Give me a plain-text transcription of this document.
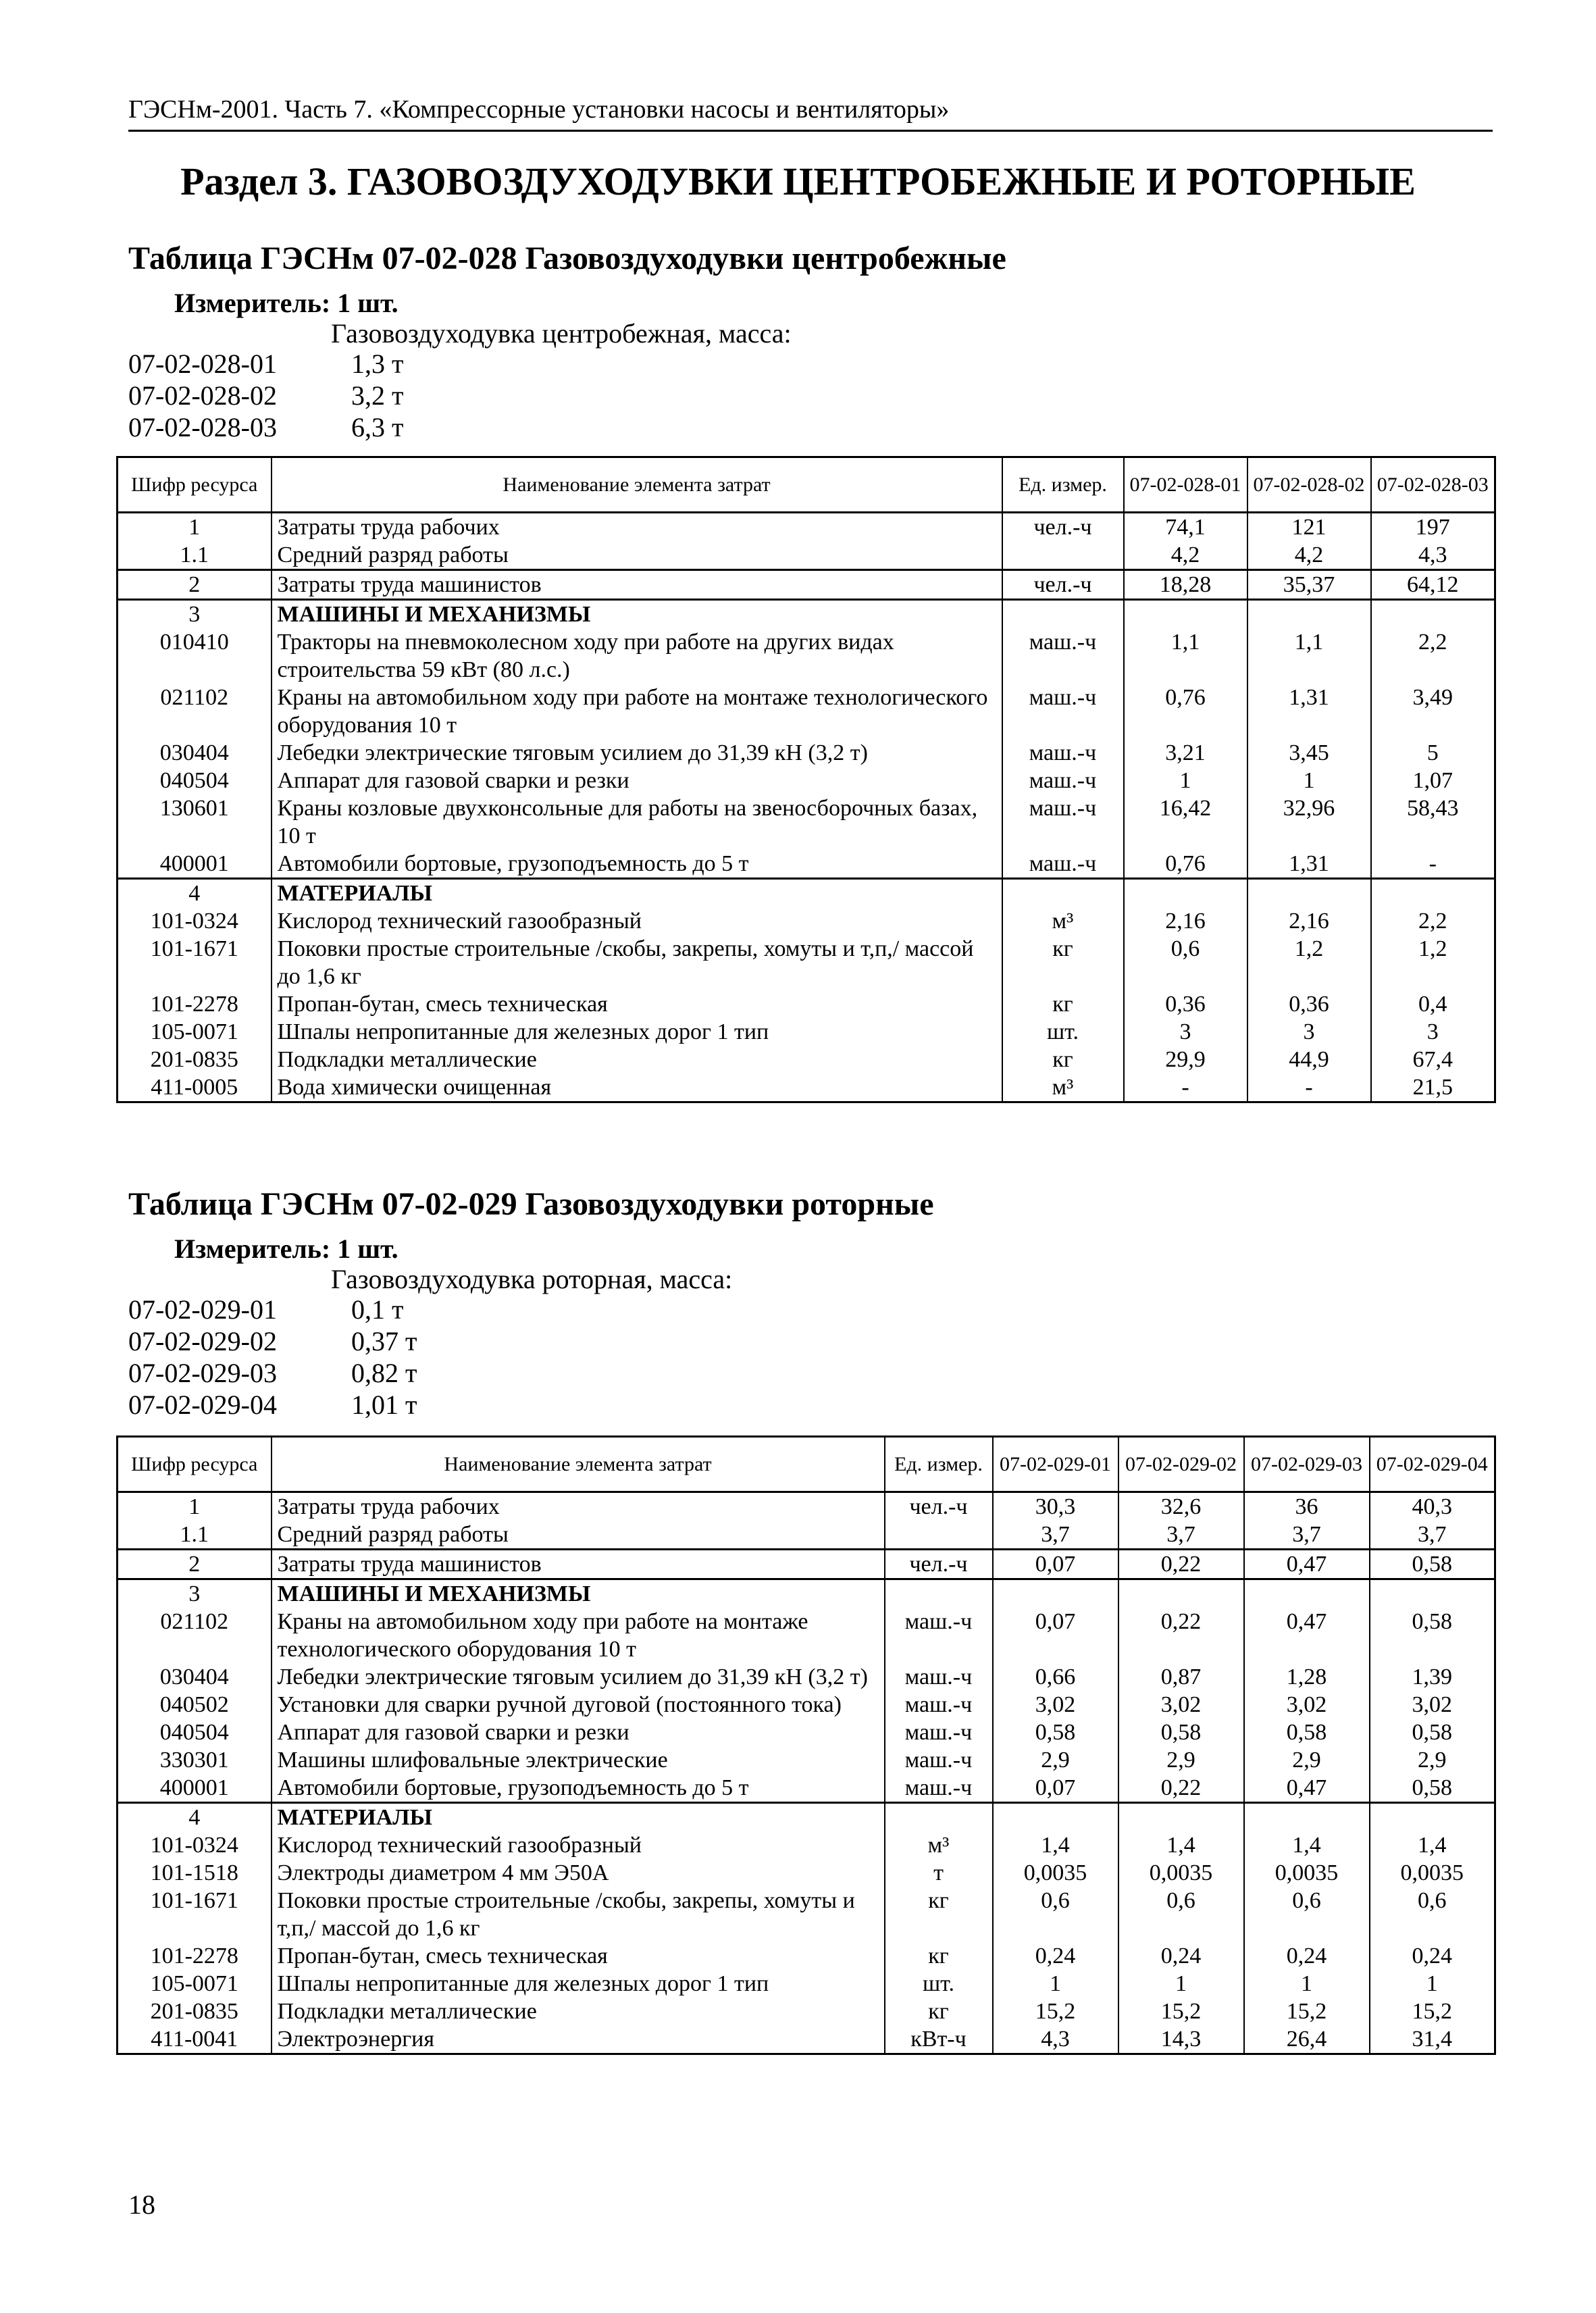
ГЭСНм-2001. Часть 7. «Компрессорные установки насосы и вентиляторы»
Раздел 3. ГАЗОВОЗДУХОДУВКИ ЦЕНТРОБЕЖНЫЕ И РОТОРНЫЕ
Таблица ГЭСНм 07-02-028 Газовоздуходувки центробежные
Измеритель: 1 шт.
Газовоздуходувка центробежная, масса:
07-02-028-01	1,3 т
07-02-028-02	3,2 т
07-02-028-03	6,3 т
Шифр ресурса	Наименование элемента затрат	Ед. измер.	07-02-028-01	07-02-028-02	07-02-028-03
1	Затраты труда рабочих	чел.-ч	74,1	121	197
1.1	Средний разряд работы		4,2	4,2	4,3
2	Затраты труда машинистов	чел.-ч	18,28	35,37	64,12
3	МАШИНЫ И МЕХАНИЗМЫ				
010410	Тракторы на пневмоколесном ходу при работе на других видах строительства 59 кВт (80 л.с.)	маш.-ч	1,1	1,1	2,2
021102	Краны на автомобильном ходу при работе на монтаже технологического оборудования 10 т	маш.-ч	0,76	1,31	3,49
030404	Лебедки электрические тяговым усилием до 31,39 кН (3,2 т)	маш.-ч	3,21	3,45	5
040504	Аппарат для газовой сварки и резки	маш.-ч	1	1	1,07
130601	Краны козловые двухконсольные для работы на звеносборочных базах, 10 т	маш.-ч	16,42	32,96	58,43
400001	Автомобили бортовые, грузоподъемность до 5 т	маш.-ч	0,76	1,31	-
4	МАТЕРИАЛЫ				
101-0324	Кислород технический газообразный	м³	2,16	2,16	2,2
101-1671	Поковки простые строительные /скобы, закрепы, хомуты и т,п,/ массой до 1,6 кг	кг	0,6	1,2	1,2
101-2278	Пропан-бутан, смесь техническая	кг	0,36	0,36	0,4
105-0071	Шпалы непропитанные для железных дорог 1 тип	шт.	3	3	3
201-0835	Подкладки металлические	кг	29,9	44,9	67,4
411-0005	Вода химически очищенная	м³	-	-	21,5
Таблица ГЭСНм 07-02-029 Газовоздуходувки роторные
Измеритель: 1 шт.
Газовоздуходувка роторная, масса:
07-02-029-01	0,1 т
07-02-029-02	0,37 т
07-02-029-03	0,82 т
07-02-029-04	1,01 т
Шифр ресурса	Наименование элемента затрат	Ед. измер.	07-02-029-01	07-02-029-02	07-02-029-03	07-02-029-04
1	Затраты труда рабочих	чел.-ч	30,3	32,6	36	40,3
1.1	Средний разряд работы		3,7	3,7	3,7	3,7
2	Затраты труда машинистов	чел.-ч	0,07	0,22	0,47	0,58
3	МАШИНЫ И МЕХАНИЗМЫ					
021102	Краны на автомобильном ходу при работе на монтаже технологического оборудования 10 т	маш.-ч	0,07	0,22	0,47	0,58
030404	Лебедки электрические тяговым усилием до 31,39 кН (3,2 т)	маш.-ч	0,66	0,87	1,28	1,39
040502	Установки для сварки ручной дуговой (постоянного тока)	маш.-ч	3,02	3,02	3,02	3,02
040504	Аппарат для газовой сварки и резки	маш.-ч	0,58	0,58	0,58	0,58
330301	Машины шлифовальные электрические	маш.-ч	2,9	2,9	2,9	2,9
400001	Автомобили бортовые, грузоподъемность до 5 т	маш.-ч	0,07	0,22	0,47	0,58
4	МАТЕРИАЛЫ					
101-0324	Кислород технический газообразный	м³	1,4	1,4	1,4	1,4
101-1518	Электроды диаметром 4 мм Э50А	т	0,0035	0,0035	0,0035	0,0035
101-1671	Поковки простые строительные /скобы, закрепы, хомуты и т,п,/ массой до 1,6 кг	кг	0,6	0,6	0,6	0,6
101-2278	Пропан-бутан, смесь техническая	кг	0,24	0,24	0,24	0,24
105-0071	Шпалы непропитанные для железных дорог 1 тип	шт.	1	1	1	1
201-0835	Подкладки металлические	кг	15,2	15,2	15,2	15,2
411-0041	Электроэнергия	кВт-ч	4,3	14,3	26,4	31,4
18
